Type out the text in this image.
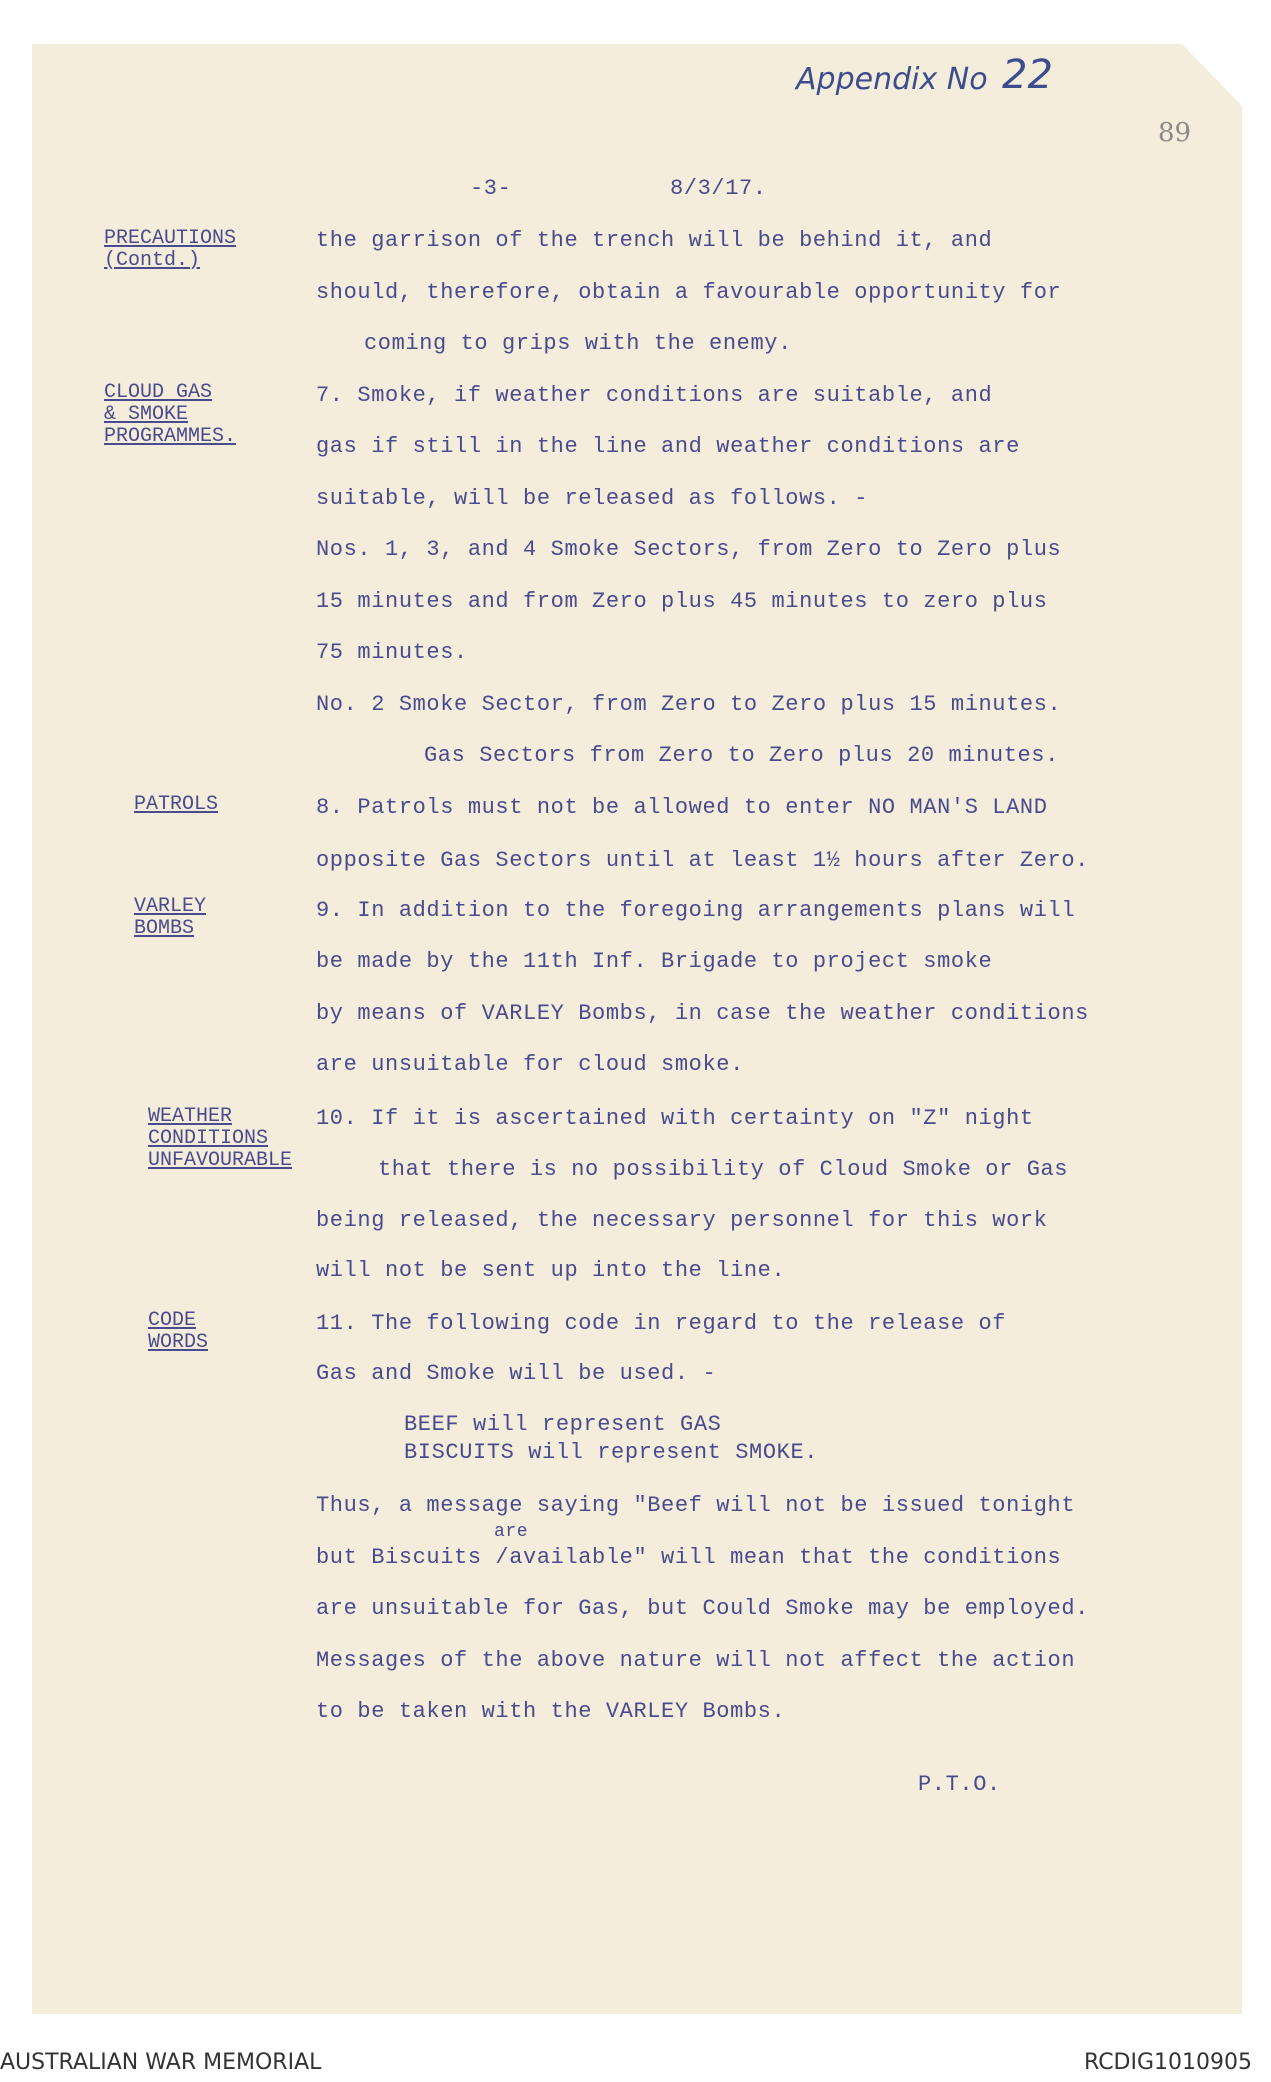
Appendix No 22
89
-3-	8/3/17.
PRECAUTIONS
(Contd.)
CLOUD GAS
& SMOKE
PROGRAMMES.
PATROLS
VARLEY
BOMBS
WEATHER
CONDITIONS
UNFAVOURABLE
CODE
WORDS
the garrison of the trench will be behind it, and
should, therefore, obtain a favourable opportunity for
coming to grips with the enemy.
7. Smoke, if weather conditions are suitable, and
gas if still in the line and weather conditions are
suitable, will be released as follows. -
Nos. 1, 3, and 4 Smoke Sectors, from Zero to Zero plus
15 minutes and from Zero plus 45 minutes to zero plus
75 minutes.
No. 2 Smoke Sector, from Zero to Zero plus 15 minutes.
Gas Sectors from Zero to Zero plus 20 minutes.
8. Patrols must not be allowed to enter NO MAN'S LAND
opposite Gas Sectors until at least 1½ hours after Zero.
9. In addition to the foregoing arrangements plans will
be made by the 11th Inf. Brigade to project smoke
by means of VARLEY Bombs, in case the weather conditions
are unsuitable for cloud smoke.
10. If it is ascertained with certainty on "Z" night
that there is no possibility of Cloud Smoke or Gas
being released, the necessary personnel for this work
will not be sent up into the line.
11. The following code in regard to the release of
Gas and Smoke will be used. -
BEEF will represent GAS
BISCUITS will represent SMOKE.
Thus, a message saying "Beef will not be issued tonight
are
but Biscuits /available" will mean that the conditions
are unsuitable for Gas, but Could Smoke may be employed.
Messages of the above nature will not affect the action
to be taken with the VARLEY Bombs.
P.T.O.
AUSTRALIAN WAR MEMORIAL	RCDIG1010905
